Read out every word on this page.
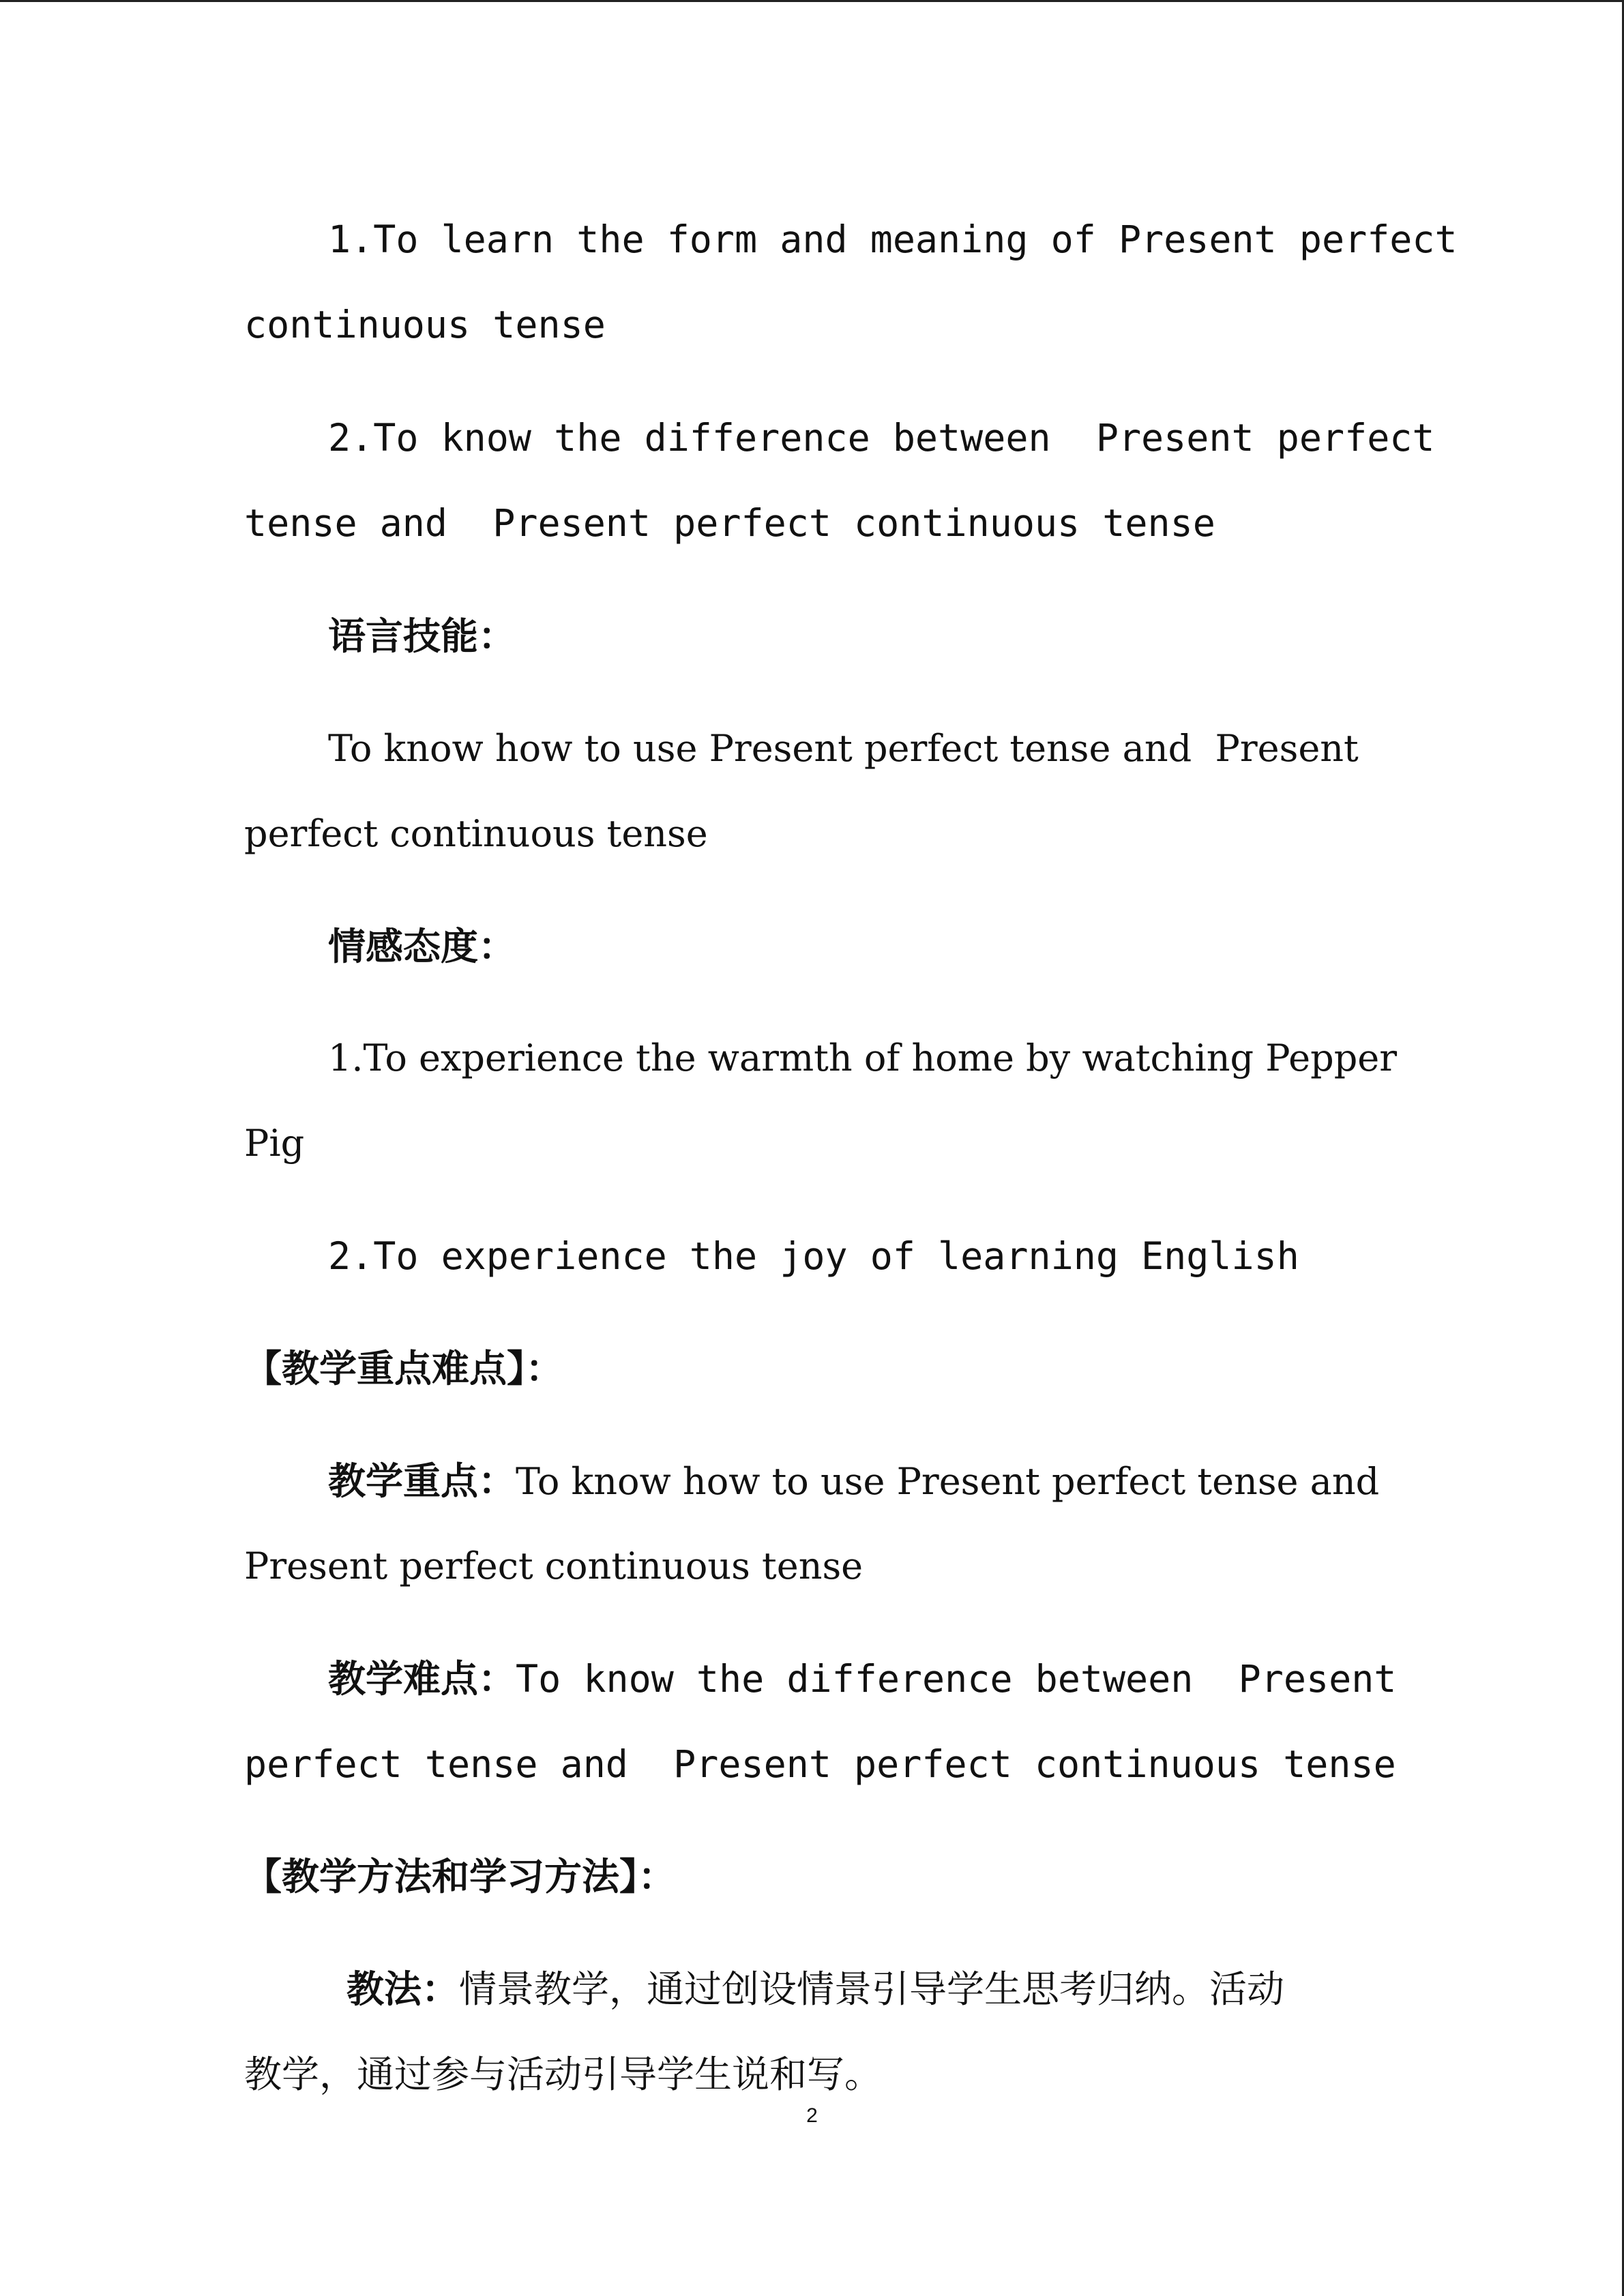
1.To learn the form and meaning of Present perfect

continuous tense

2.To know the difference between  Present perfect

tense and  Present perfect continuous tense

语言技能：

To know how to use Present perfect tense and  Present

perfect continuous tense

情感态度：

1.To experience the warmth of home by watching Pepper

Pig

2.To experience the joy of learning English

【教学重点难点】：

教学重点：To know how to use Present perfect tense and

Present perfect continuous tense

教学难点：To know the difference between  Present

perfect tense and  Present perfect continuous tense

【教学方法和学习方法】：

教法：情景教学，通过创设情景引导学生思考归纳。活动

教学，通过参与活动引导学生说和写。

2
